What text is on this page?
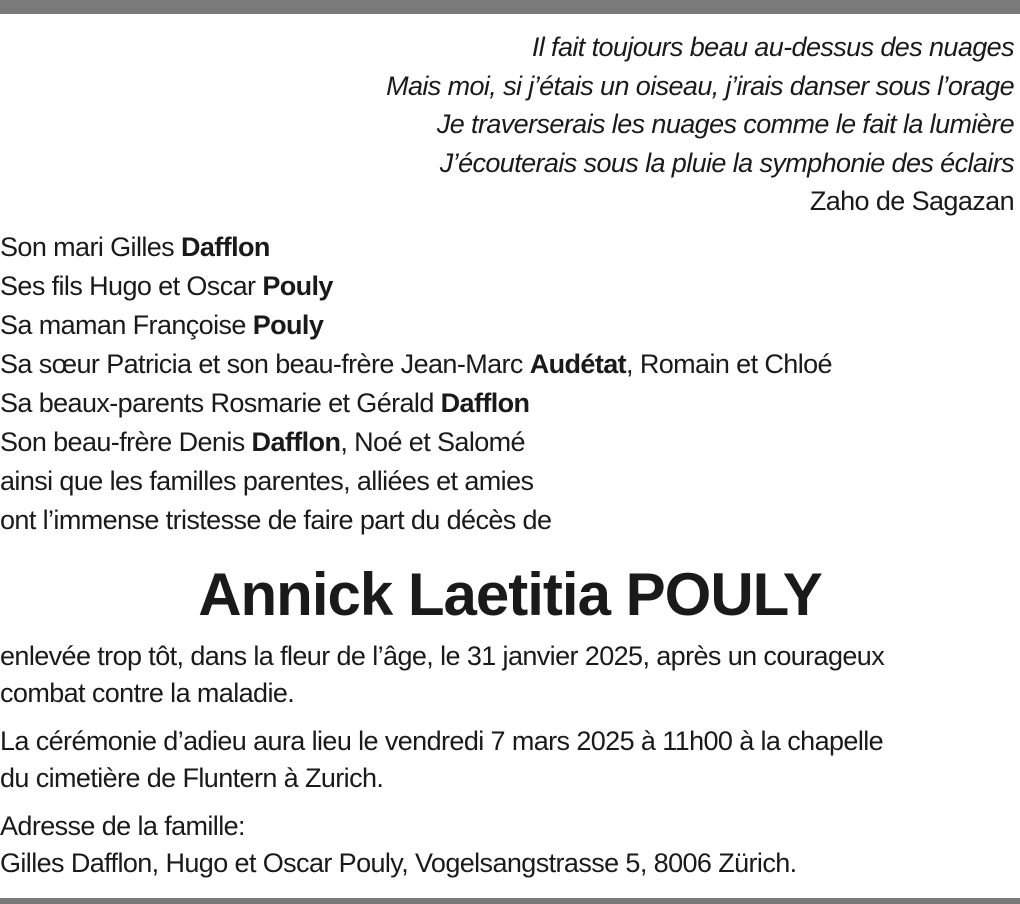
Il fait toujours beau au-dessus des nuages
Mais moi, si j’étais un oiseau, j’irais danser sous l’orage
Je traverserais les nuages comme le fait la lumière
J’écouterais sous la pluie la symphonie des éclairs
Zaho de Sagazan
Son mari Gilles Dafflon
Ses fils Hugo et Oscar Pouly
Sa maman Françoise Pouly
Sa sœur Patricia et son beau-frère Jean-Marc Audétat, Romain et Chloé
Sa beaux-parents Rosmarie et Gérald Dafflon
Son beau-frère Denis Dafflon, Noé et Salomé
ainsi que les familles parentes, alliées et amies
ont l’immense tristesse de faire part du décès de
Annick Laetitia POULY
enlevée trop tôt, dans la fleur de l’âge, le 31 janvier 2025, après un courageux
combat contre la maladie.
La cérémonie d’adieu aura lieu le vendredi 7 mars 2025 à 11h00 à la chapelle
du cimetière de Fluntern à Zurich.
Adresse de la famille:
Gilles Dafflon, Hugo et Oscar Pouly, Vogelsangstrasse 5, 8006 Zürich.
